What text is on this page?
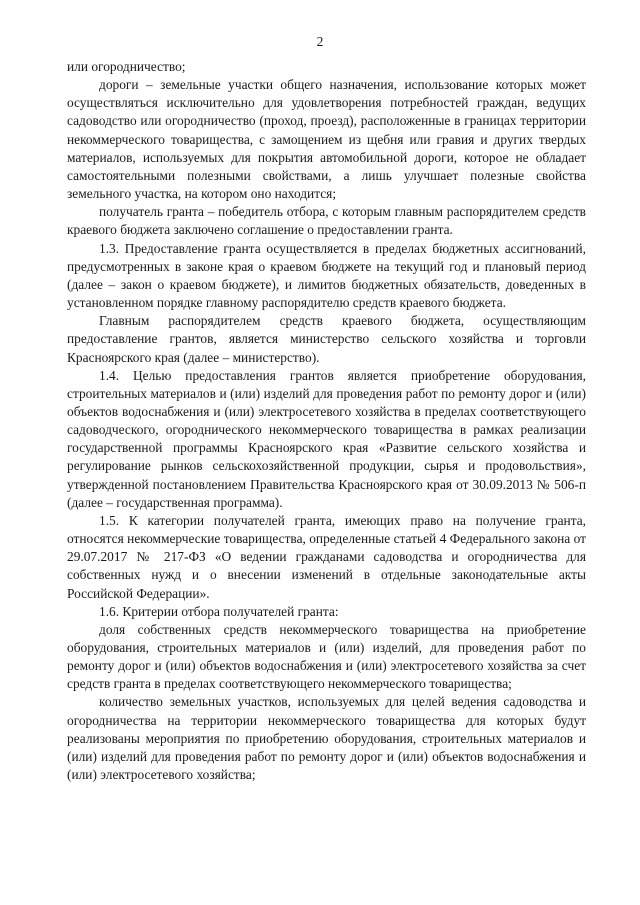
2

или огородничество;

дороги – земельные участки общего назначения, использование которых может осуществляться исключительно для удовлетворения потребностей граждан, ведущих садоводство или огородничество (проход, проезд), расположенные в границах территории некоммерческого товарищества, с замощением из щебня или гравия и других твердых материалов, используемых для покрытия автомобильной дороги, которое не обладает самостоятельными полезными свойствами, а лишь улучшает полезные свойства земельного участка, на котором оно находится;

получатель гранта – победитель отбора, с которым главным распорядителем средств краевого бюджета заключено соглашение о предоставлении гранта.

1.3. Предоставление гранта осуществляется в пределах бюджетных ассигнований, предусмотренных в законе края о краевом бюджете на текущий год и плановый период (далее – закон о краевом бюджете), и лимитов бюджетных обязательств, доведенных в установленном порядке главному распорядителю средств краевого бюджета.

Главным распорядителем средств краевого бюджета, осуществляющим предоставление грантов, является министерство сельского хозяйства и торговли Красноярского края (далее – министерство).

1.4. Целью предоставления грантов является приобретение оборудования, строительных материалов и (или) изделий для проведения работ по ремонту дорог и (или) объектов водоснабжения и (или) электросетевого хозяйства в пределах соответствующего садоводческого, огороднического некоммерческого товарищества в рамках реализации государственной программы Красноярского края «Развитие сельского хозяйства и регулирование рынков сельскохозяйственной продукции, сырья и продовольствия», утвержденной постановлением Правительства Красноярского края от 30.09.2013 № 506-п (далее – государственная программа).

1.5. К категории получателей гранта, имеющих право на получение гранта, относятся некоммерческие товарищества, определенные статьей 4 Федерального закона от 29.07.2017 № 217-ФЗ «О ведении гражданами садоводства и огородничества для собственных нужд и о внесении изменений в отдельные законодательные акты Российской Федерации».

1.6. Критерии отбора получателей гранта:

доля собственных средств некоммерческого товарищества на приобретение оборудования, строительных материалов и (или) изделий, для проведения работ по ремонту дорог и (или) объектов водоснабжения и (или) электросетевого хозяйства за счет средств гранта в пределах соответствующего некоммерческого товарищества;

количество земельных участков, используемых для целей ведения садоводства и огородничества на территории некоммерческого товарищества для которых будут реализованы мероприятия по приобретению оборудования, строительных материалов и (или) изделий для проведения работ по ремонту дорог и (или) объектов водоснабжения и (или) электросетевого хозяйства;
